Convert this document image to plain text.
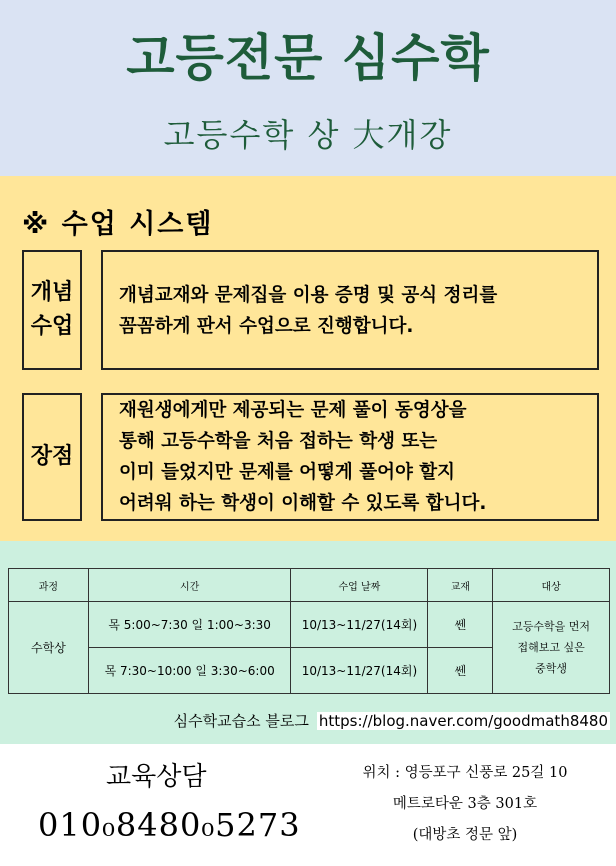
고등전문 심수학
고등수학 상 大개강
※ 수업 시스템
개념
수업
개념교재와 문제집을 이용 증명 및 공식 정리를
꼼꼼하게 판서 수업으로 진행합니다.
장점
재원생에게만 제공되는 문제 풀이 동영상을
통해 고등수학을 처음 접하는 학생 또는
이미 들었지만 문제를 어떻게 풀어야 할지
어려워 하는 학생이 이해할 수 있도록 합니다.
과정	시간	수업 날짜	교재	대상
수학상	목 5:00~7:30 일 1:00~3:30	10/13~11/27(14회)	쎈	고등수학을 먼저
접해보고 싶은
중학생

	목 7:30~10:00 일 3:30~6:00	10/13~11/27(14회)	쎈	
심수학교습소 블로그 https://blog.naver.com/goodmath8480
교육상담
010₀8480₀5273
위치 : 영등포구 신풍로 25길 10
메트로타운 3층 301호
(대방초 정문 앞)
